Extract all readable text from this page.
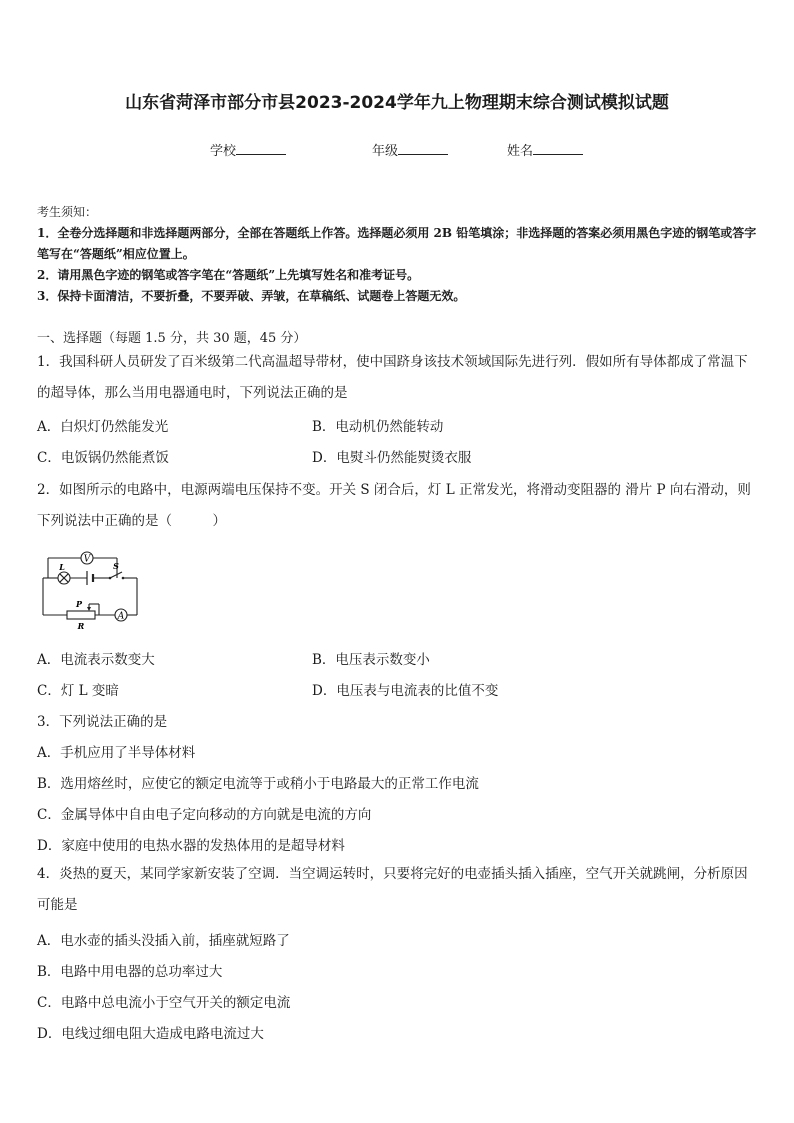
山东省菏泽市部分市县2023-2024学年九上物理期末综合测试模拟试题
学校	年级	姓名
考生须知：
1．全卷分选择题和非选择题两部分，全部在答题纸上作答。选择题必须用 2B 铅笔填涂；非选择题的答案必须用黑色字迹的钢笔或答字笔写在“答题纸”相应位置上。
2．请用黑色字迹的钢笔或答字笔在“答题纸”上先填写姓名和准考证号。
3．保持卡面清洁，不要折叠，不要弄破、弄皱，在草稿纸、试题卷上答题无效。
一、选择题（每题 1.5 分，共 30 题，45 分）
1．我国科研人员研发了百米级第二代高温超导带材，使中国跻身该技术领域国际先进行列．假如所有导体都成了常温下的超导体，那么当用电器通电时，下列说法正确的是
A．白炽灯仍然能发光	B．电动机仍然能转动
C．电饭锅仍然能煮饭	D．电熨斗仍然能熨烫衣服
2．如图所示的电路中，电源两端电压保持不变。开关 S 闭合后，灯 L 正常发光，将滑动变阻器的 滑片 P 向右滑动，则下列说法中正确的是（　　　）
V
L	S
P
R
A
A．电流表示数变大	B．电压表示数变小
C．灯 L 变暗	D．电压表与电流表的比值不变
3．下列说法正确的是
A．手机应用了半导体材料
B．选用熔丝时，应使它的额定电流等于或稍小于电路最大的正常工作电流
C．金属导体中自由电子定向移动的方向就是电流的方向
D．家庭中使用的电热水器的发热体用的是超导材料
4．炎热的夏天，某同学家新安装了空调．当空调运转时，只要将完好的电壶插头插入插座，空气开关就跳闸，分析原因可能是
A．电水壶的插头没插入前，插座就短路了
B．电路中用电器的总功率过大
C．电路中总电流小于空气开关的额定电流
D．电线过细电阻大造成电路电流过大
